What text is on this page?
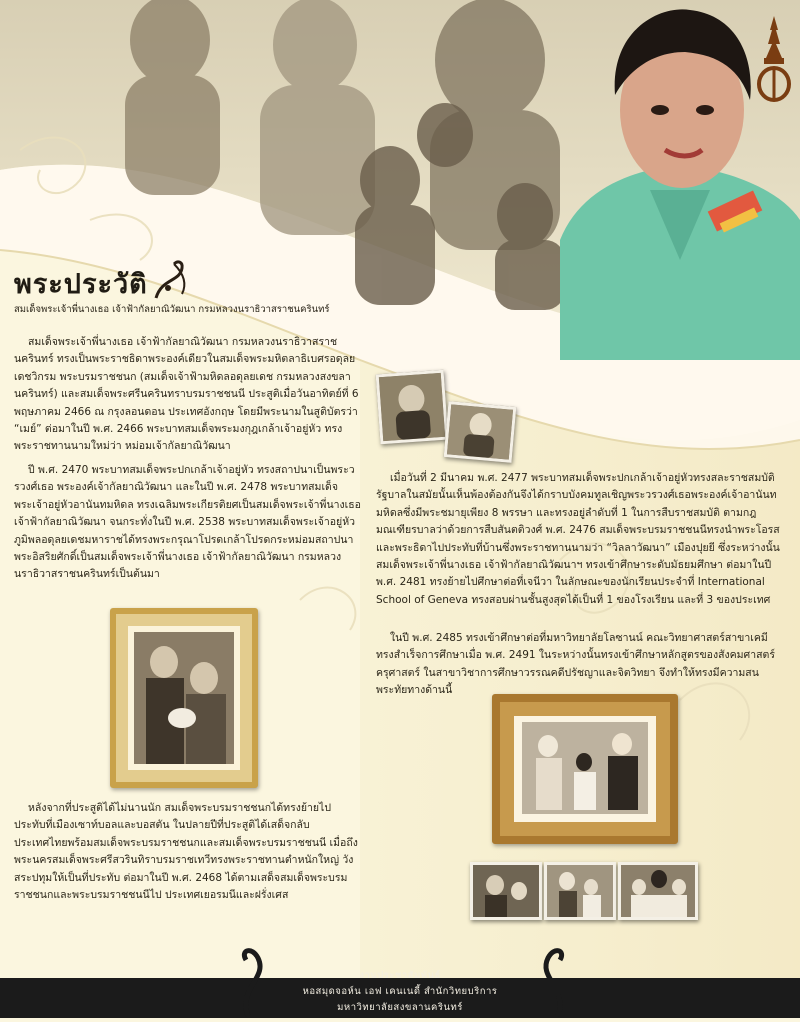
พระประวัติ
สมเด็จพระเจ้าพี่นางเธอ เจ้าฟ้ากัลยาณิวัฒนา กรมหลวงนราธิวาสราชนครินทร์

สมเด็จพระเจ้าพี่นางเธอ เจ้าฟ้ากัลยาณิวัฒนา กรมหลวงนราธิวาสราชนครินทร์ ทรงเป็นพระราชธิดาพระองค์เดียวในสมเด็จพระมหิตลาธิเบศรอดุลยเดชวิกรม พระบรมราชชนก (สมเด็จเจ้าฟ้ามหิดลอดุลยเดช กรมหลวงสงขลานครินทร์) และสมเด็จพระศรีนครินทราบรมราชชนนี ประสูติเมื่อวันอาทิตย์ที่ 6 พฤษภาคม 2466 ณ กรุงลอนดอน ประเทศอังกฤษ โดยมีพระนามในสูติบัตรว่า “เมย์” ต่อมาในปี พ.ศ. 2466 พระบาทสมเด็จพระมงกุฎเกล้าเจ้าอยู่หัว ทรงพระราชทานนามใหม่ว่า หม่อมเจ้ากัลยาณิวัฒนา

ปี พ.ศ. 2470 พระบาทสมเด็จพระปกเกล้าเจ้าอยู่หัว ทรงสถาปนาเป็นพระวรวงศ์เธอ พระองค์เจ้ากัลยาณิวัฒนา และในปี พ.ศ. 2478 พระบาทสมเด็จพระเจ้าอยู่หัวอานันทมหิดล ทรงเฉลิมพระเกียรติยศเป็นสมเด็จพระเจ้าพี่นางเธอ เจ้าฟ้ากัลยาณิวัฒนา จนกระทั่งในปี พ.ศ. 2538 พระบาทสมเด็จพระเจ้าอยู่หัวภูมิพลอดุลยเดชมหาราชได้ทรงพระกรุณาโปรดเกล้าโปรดกระหม่อมสถาปนาพระอิสริยศักดิ์เป็นสมเด็จพระเจ้าพี่นางเธอ เจ้าฟ้ากัลยาณิวัฒนา กรมหลวงนราธิวาสราชนครินทร์เป็นต้นมา

หลังจากที่ประสูติได้ไม่นานนัก สมเด็จพระบรมราชชนกได้ทรงย้ายไปประทับที่เมืองเซาท์บอลและบอสตัน ในปลายปีที่ประสูติได้เสด็จกลับประเทศไทยพร้อมสมเด็จพระบรมราชชนกและสมเด็จพระบรมราชชนนี เมื่อถึงพระนครสมเด็จพระศรีสวรินทิราบรมราชเทวีทรงพระราชทานตำหนักใหญ่ วังสระปทุมให้เป็นที่ประทับ ต่อมาในปี พ.ศ. 2468 ได้ตามเสด็จสมเด็จพระบรมราชชนกและพระบรมราชชนนีไป ประเทศเยอรมนีและฝรั่งเศส

เมื่อวันที่ 2 มีนาคม พ.ศ. 2477 พระบาทสมเด็จพระปกเกล้าเจ้าอยู่หัวทรงสละราชสมบัติ รัฐบาลในสมัยนั้นเห็นพ้องต้องกันจึงได้กราบบังคมทูลเชิญพระวรวงศ์เธอพระองค์เจ้าอานันทมหิดลซึ่งมีพระชมายุเพียง 8 พรรษา และทรงอยู่ลำดับที่ 1 ในการสืบราชสมบัติ ตามกฎมณเฑียรบาลว่าด้วยการสืบสันตติวงศ์ พ.ศ. 2476 สมเด็จพระบรมราชชนนีทรงนำพระโอรสและพระธิดาไปประทับที่บ้านซึ่งพระราชทานนามว่า “วิลลาวัฒนา” เมืองปุยยี ซึ่งระหว่างนั้นสมเด็จพระเจ้าพี่นางเธอ เจ้าฟ้ากัลยาณิวัฒนาฯ ทรงเข้าศึกษาระดับมัธยมศึกษา ต่อมาในปี พ.ศ. 2481 ทรงย้ายไปศึกษาต่อที่เจนีวา ในลักษณะของนักเรียนประจำที่ International School of Geneva ทรงสอบผ่านชั้นสูงสุดได้เป็นที่ 1 ของโรงเรียน และที่ 3 ของประเทศ

ในปี พ.ศ. 2485 ทรงเข้าศึกษาต่อที่มหาวิทยาลัยโลซานน์ คณะวิทยาศาสตร์สาขาเคมี ทรงสำเร็จการศึกษาเมื่อ พ.ศ. 2491 ในระหว่างนั้นทรงเข้าศึกษาหลักสูตรของสังคมศาสตร์ ครุศาสตร์ ในสาขาวิชาการศึกษาวรรณคดีปรัชญาและจิตวิทยา จึงทำให้ทรงมีความสนพระทัยทางด้านนี้

งานประชาสัมพันธ์
หอสมุดจอห์น เอฟ เคนเนดี้ สำนักวิทยบริการ
มหาวิทยาลัยสงขลานครินทร์
